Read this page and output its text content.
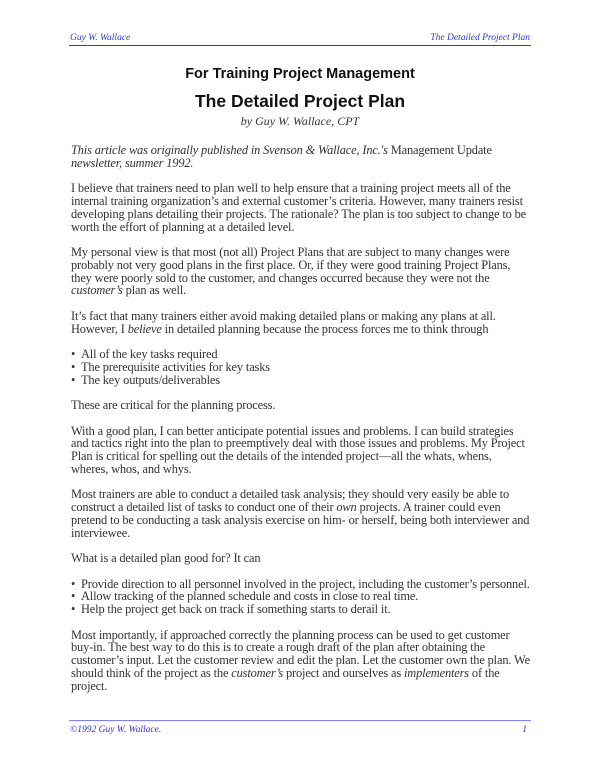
Guy W. Wallace	The Detailed Project Plan
For Training Project Management
The Detailed Project Plan
by Guy W. Wallace, CPT

This article was originally published in Svenson & Wallace, Inc.'s Management Update newsletter, summer 1992.

I believe that trainers need to plan well to help ensure that a training project meets all of the internal training organization’s and external customer’s criteria. However, many trainers resist developing plans detailing their projects. The rationale? The plan is too subject to change to be worth the effort of planning at a detailed level.

My personal view is that most (not all) Project Plans that are subject to many changes were probably not very good plans in the first place. Or, if they were good training Project Plans, they were poorly sold to the customer, and changes occurred because they were not the customer’s plan as well.

It’s fact that many trainers either avoid making detailed plans or making any plans at all. However, I believe in detailed planning because the process forces me to think through

• All of the key tasks required
• The prerequisite activities for key tasks
• The key outputs/deliverables

These are critical for the planning process.

With a good plan, I can better anticipate potential issues and problems. I can build strategies and tactics right into the plan to preemptively deal with those issues and problems. My Project Plan is critical for spelling out the details of the intended project—all the whats, whens, wheres, whos, and whys.

Most trainers are able to conduct a detailed task analysis; they should very easily be able to construct a detailed list of tasks to conduct one of their own projects. A trainer could even pretend to be conducting a task analysis exercise on him- or herself, being both interviewer and interviewee.

What is a detailed plan good for? It can

• Provide direction to all personnel involved in the project, including the customer’s personnel.
• Allow tracking of the planned schedule and costs in close to real time.
• Help the project get back on track if something starts to derail it.

Most importantly, if approached correctly the planning process can be used to get customer buy-in. The best way to do this is to create a rough draft of the plan after obtaining the customer’s input. Let the customer review and edit the plan. Let the customer own the plan. We should think of the project as the customer’s project and ourselves as implementers of the project.

©1992 Guy W. Wallace.	1
